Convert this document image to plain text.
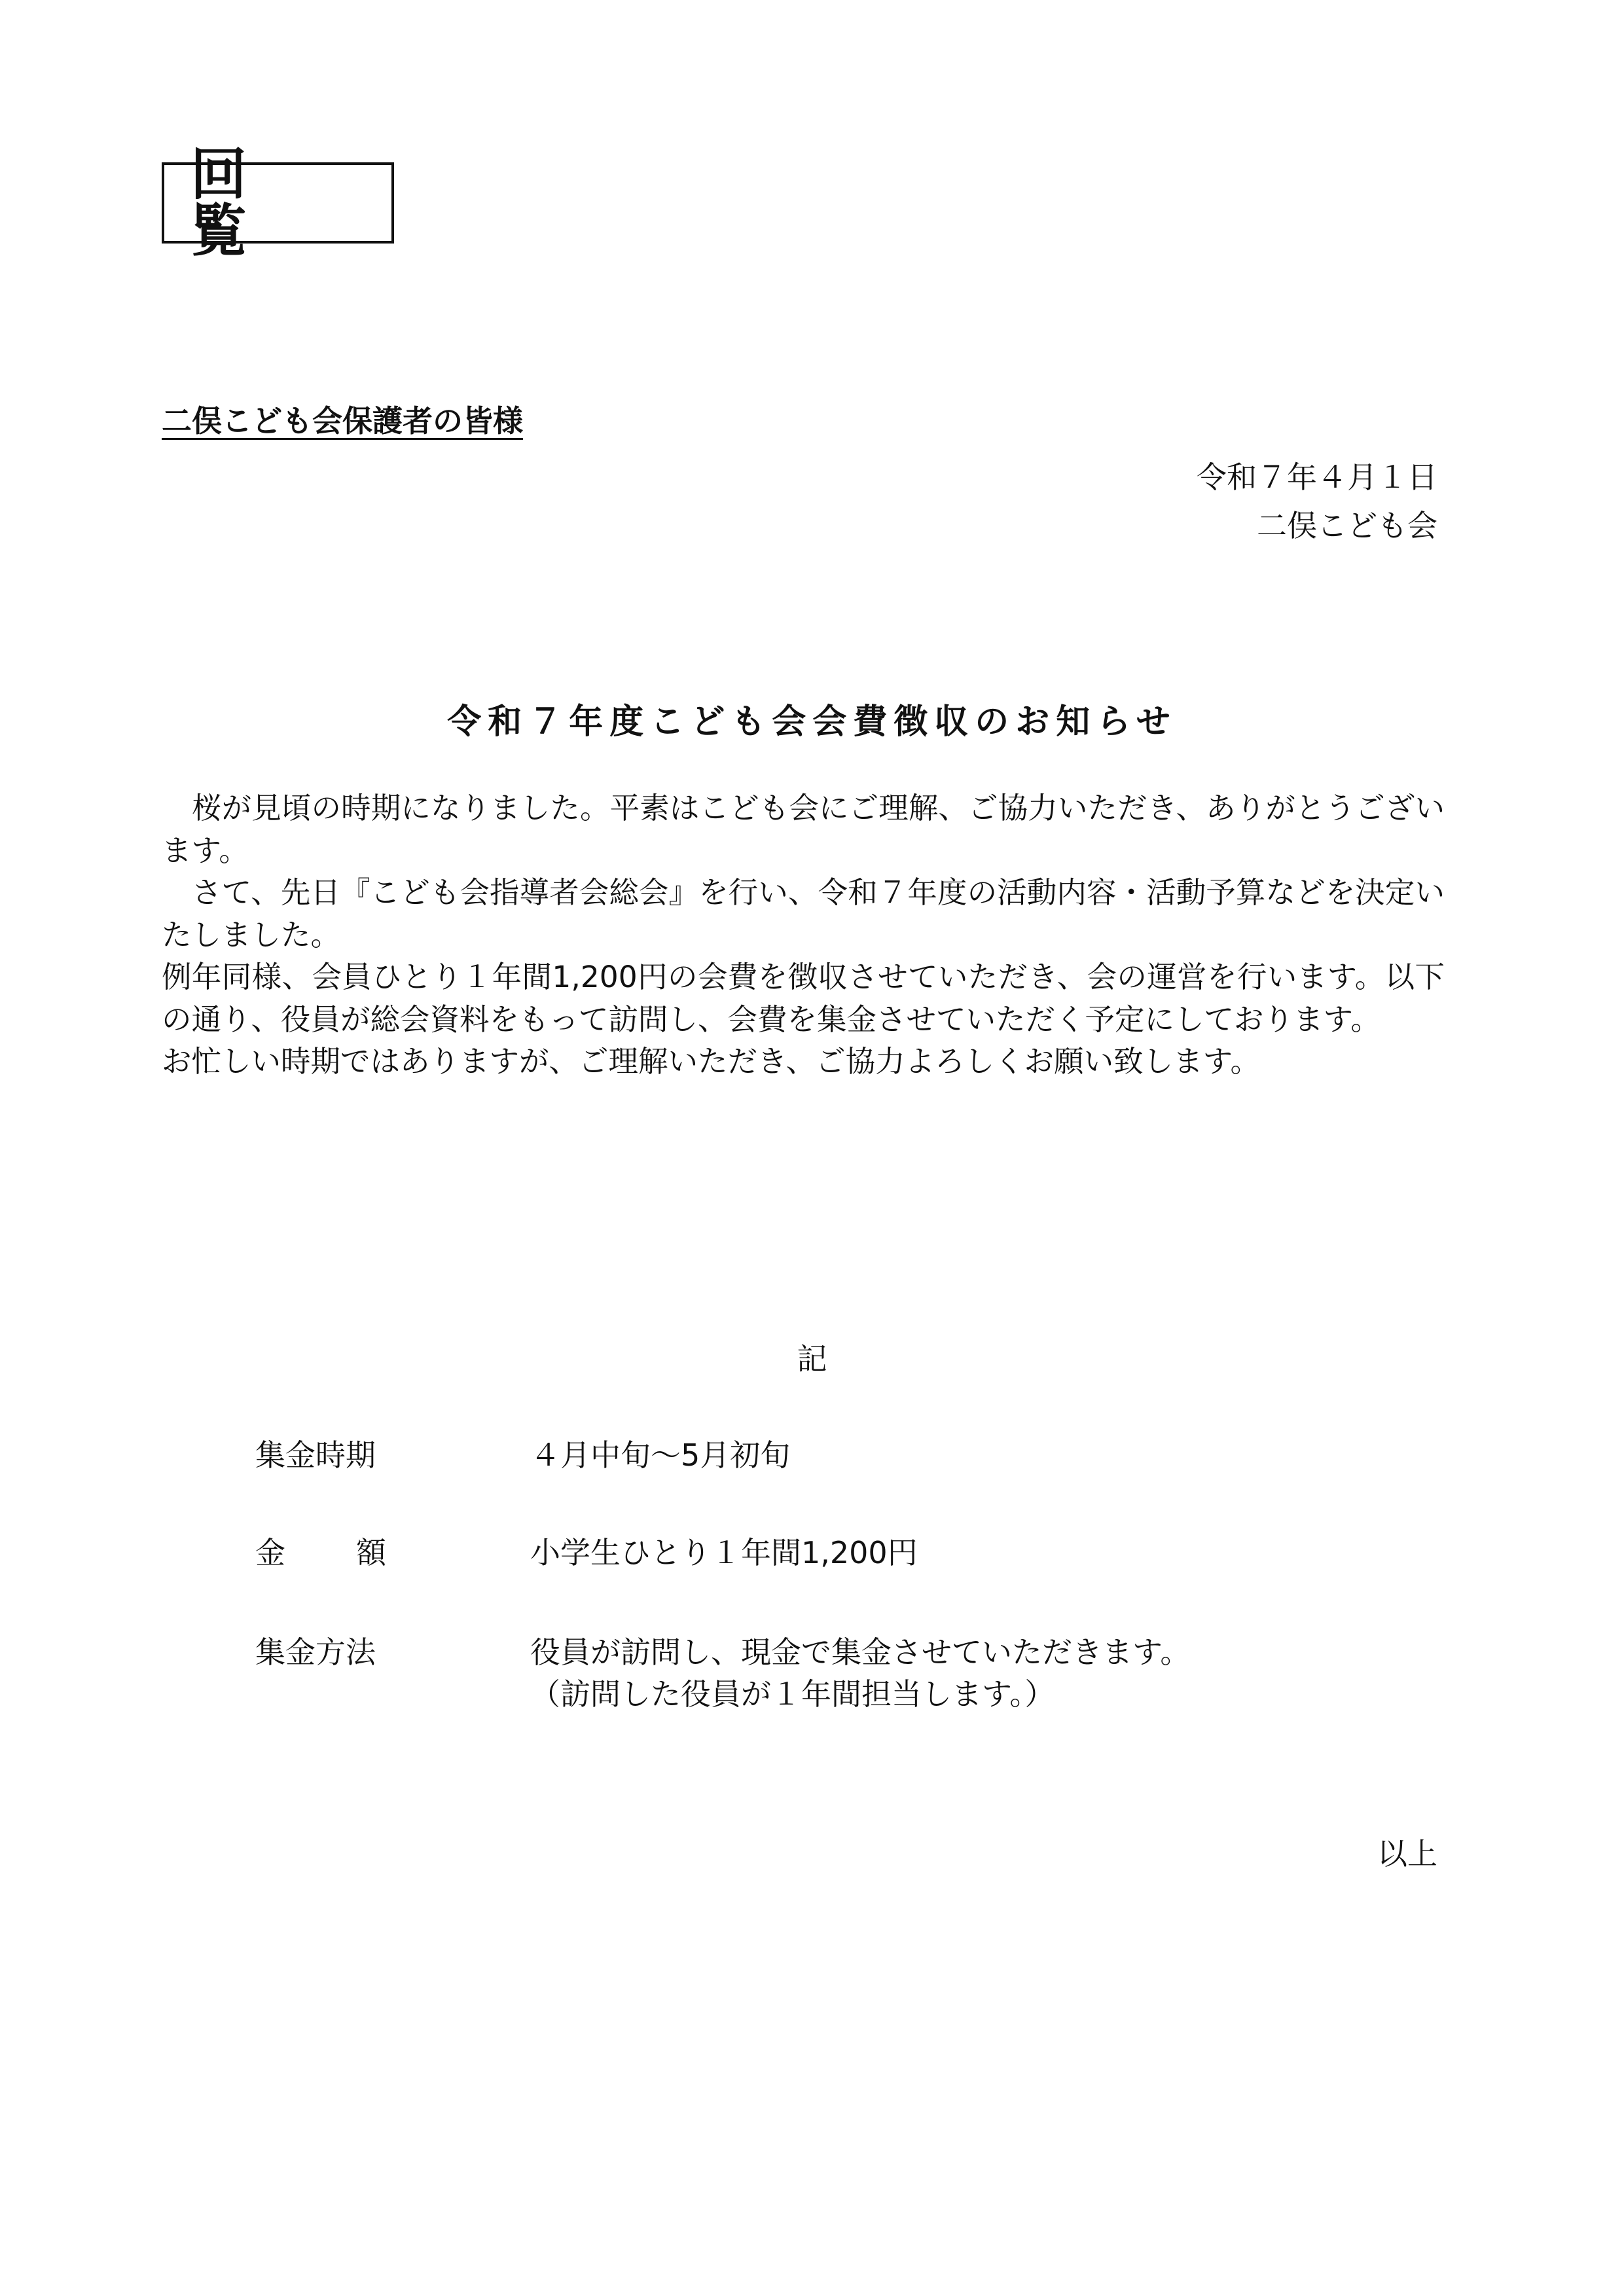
回 覧
二俣こども会保護者の皆様
令和７年４月１日
二俣こども会
令和７年度こども会会費徴収のお知らせ

桜が見頃の時期になりました。平素はこども会にご理解、ご協力いただき、ありがとうございます。

さて、先日『こども会指導者会総会』を行い、令和７年度の活動内容・活動予算などを決定いたしました。

例年同様、会員ひとり１年間1,200円の会費を徴収させていただき、会の運営を行います。以下の通り、役員が総会資料をもって訪問し、会費を集金させていただく予定にしております。

お忙しい時期ではありますが、ご理解いただき、ご協力よろしくお願い致します。

記
集金時期	４月中旬～5月初旬
金 額	小学生ひとり１年間1,200円
集金方法	役員が訪問し、現金で集金させていただきます。
（訪問した役員が１年間担当します。）
以上
